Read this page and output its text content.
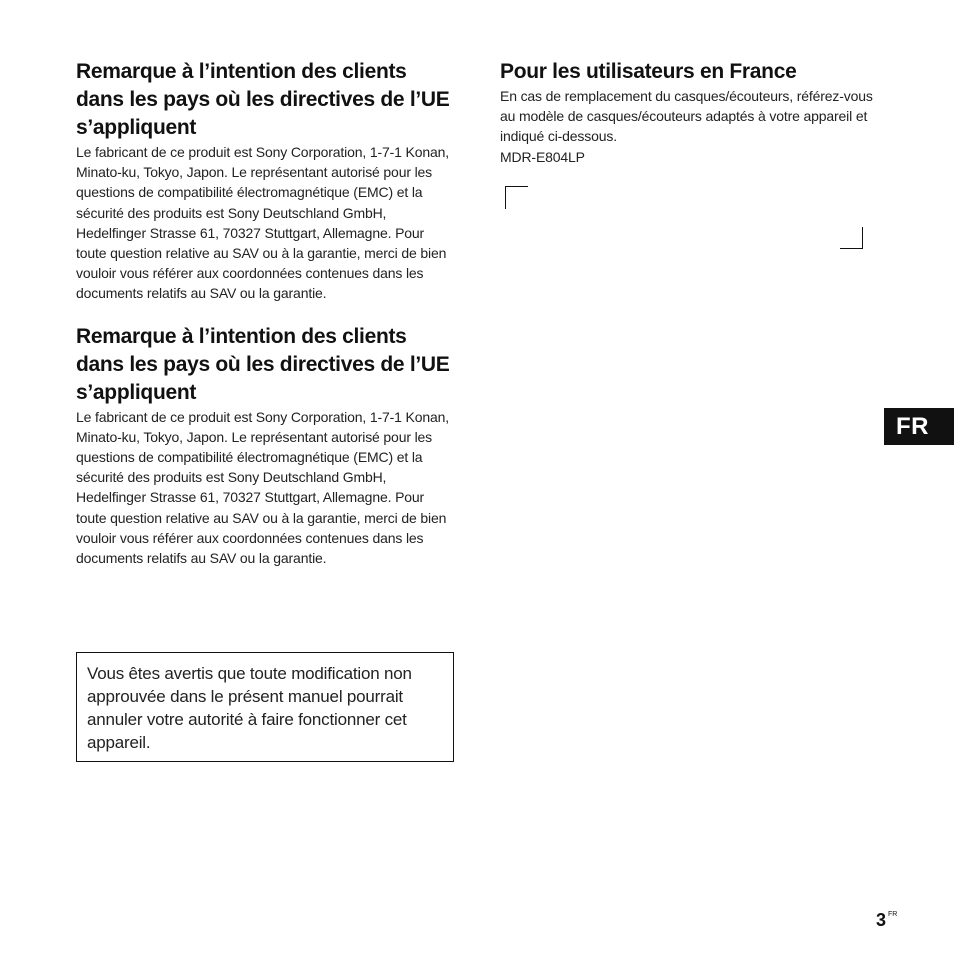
Remarque à l’intention des clients dans les pays où les directives de l’UE s’appliquent

Le fabricant de ce produit est Sony Corporation, 1-7-1 Konan, Minato-ku, Tokyo, Japon. Le représentant autorisé pour les questions de compatibilité électromagnétique (EMC) et la sécurité des produits est Sony Deutschland GmbH, Hedelfinger Strasse 61, 70327 Stuttgart, Allemagne. Pour toute question relative au SAV ou à la garantie, merci de bien vouloir vous référer aux coordonnées contenues dans les documents relatifs au SAV ou la garantie.

Remarque à l’intention des clients dans les pays où les directives de l’UE s’appliquent

Le fabricant de ce produit est Sony Corporation, 1-7-1 Konan, Minato-ku, Tokyo, Japon. Le représentant autorisé pour les questions de compatibilité électromagnétique (EMC) et la sécurité des produits est Sony Deutschland GmbH, Hedelfinger Strasse 61, 70327 Stuttgart, Allemagne. Pour toute question relative au SAV ou à la garantie, merci de bien vouloir vous référer aux coordonnées contenues dans les documents relatifs au SAV ou la garantie.

Vous êtes avertis que toute modification non approuvée dans le présent manuel pourrait annuler votre autorité à faire fonctionner cet appareil.
Pour les utilisateurs en France

En cas de remplacement du casques/écouteurs, référez-vous au modèle de casques/écouteurs adaptés à votre appareil et indiqué ci-dessous.

MDR-E804LP

FR
3 $^{FR}$
